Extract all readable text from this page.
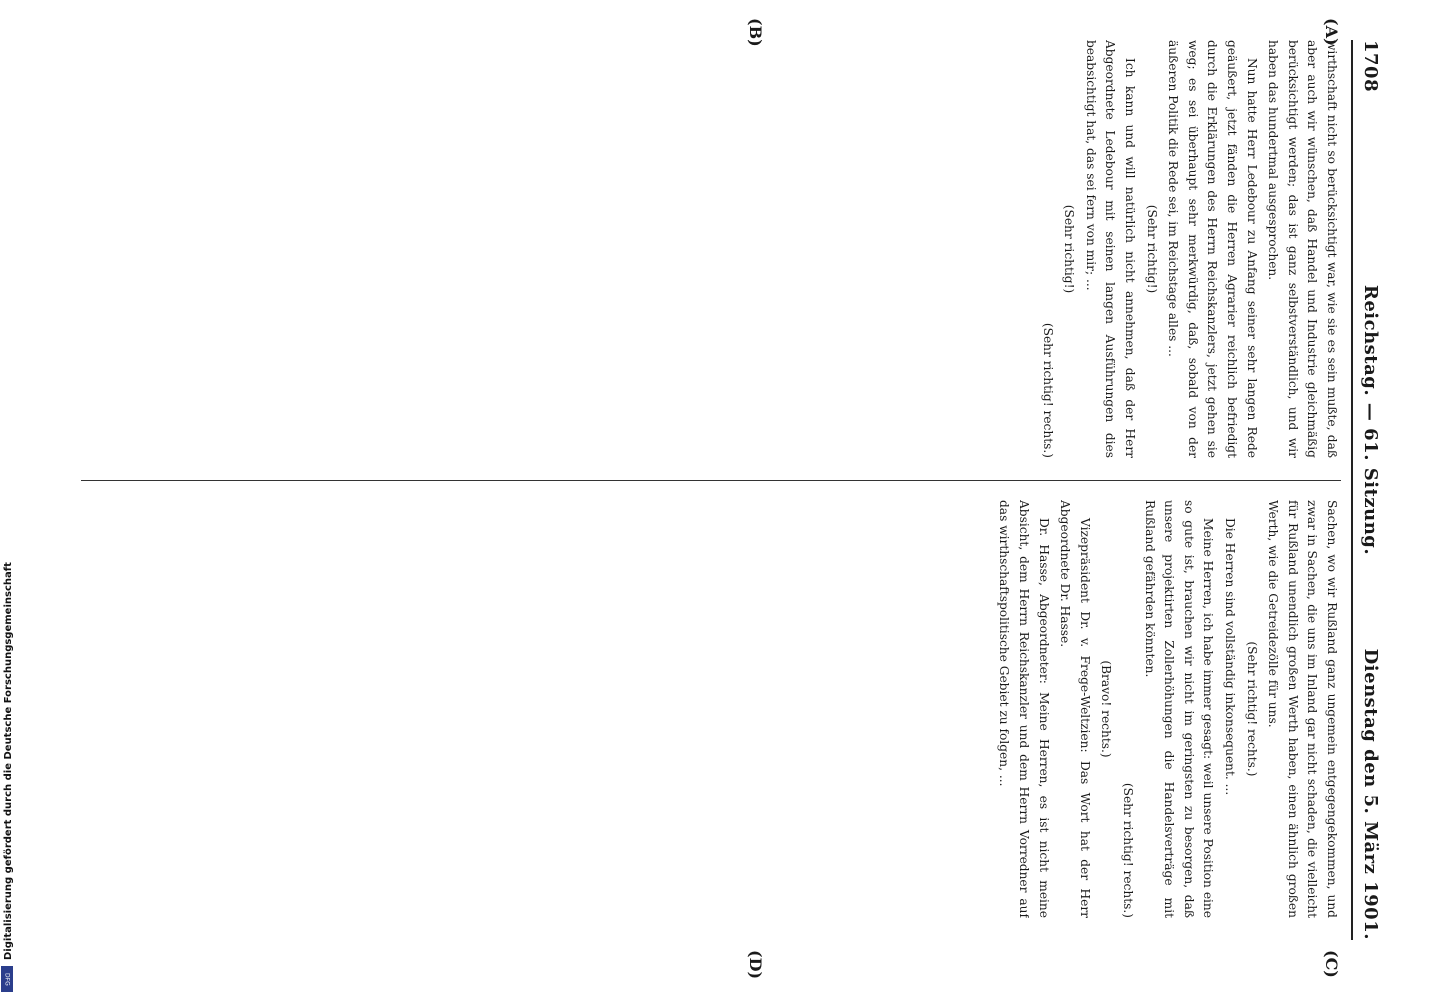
1708
Reichstag. — 61. Sitzung.
Dienstag den 5. März 1901.
(A)
(B)
(C)
(D)

wirthschaft nicht so berücksichtigt war, wie sie es sein mußte, daß aber auch wir wünschen, daß Handel und Industrie gleichmäßig berücksichtigt werden; das ist ganz selbstverständlich, und wir haben das hundertmal ausgesprochen.

Nun hatte Herr Ledebour zu Anfang seiner sehr langen Rede geäußert, jetzt fänden die Herren Agrarier reichlich befriedigt durch die Erklärungen des Herrn Reichskanzlers, jetzt gehen sie weg; es sei überhaupt sehr merkwürdig, daß, sobald von der äußeren Politik die Rede sei, im Reichstage alles ...

(Sehr richtig!)

Ich kann und will natürlich nicht annehmen, daß der Herr Abgeordnete Ledebour mit seinen langen Ausführungen dies beabsichtigt hat, das sei fern von mir; ...

(Sehr richtig!)
(Sehr richtig! rechts.)

Sachen, wo wir Rußland ganz ungemein entgegengekommen, und zwar in Sachen, die uns im Inland gar nicht schaden, die vielleicht für Rußland unendlich großen Werth haben, einen ähnlich großen Werth, wie die Getreidezölle für uns.

(Sehr richtig! rechts.)

Die Herren sind vollständig inkonsequent. ...

Meine Herren, ich habe immer gesagt: weil unsere Position eine so gute ist, brauchen wir nicht im geringsten zu besorgen, daß unsere projektirten Zollerhöhungen die Handelsverträge mit Rußland gefährden könnten.

(Sehr richtig! rechts.)
(Bravo! rechts.)

Vizepräsident Dr. v. Frege-Weltzien: Das Wort hat der Herr Abgeordnete Dr. Hasse.

Dr. Hasse, Abgeordneter: Meine Herren, es ist nicht meine Absicht, dem Herrn Reichskanzler und dem Herrn Vorredner auf das wirthschaftspolitische Gebiet zu folgen, ...

Digitalisierung gefördert durch die Deutsche Forschungsgemeinschaft
DFG
